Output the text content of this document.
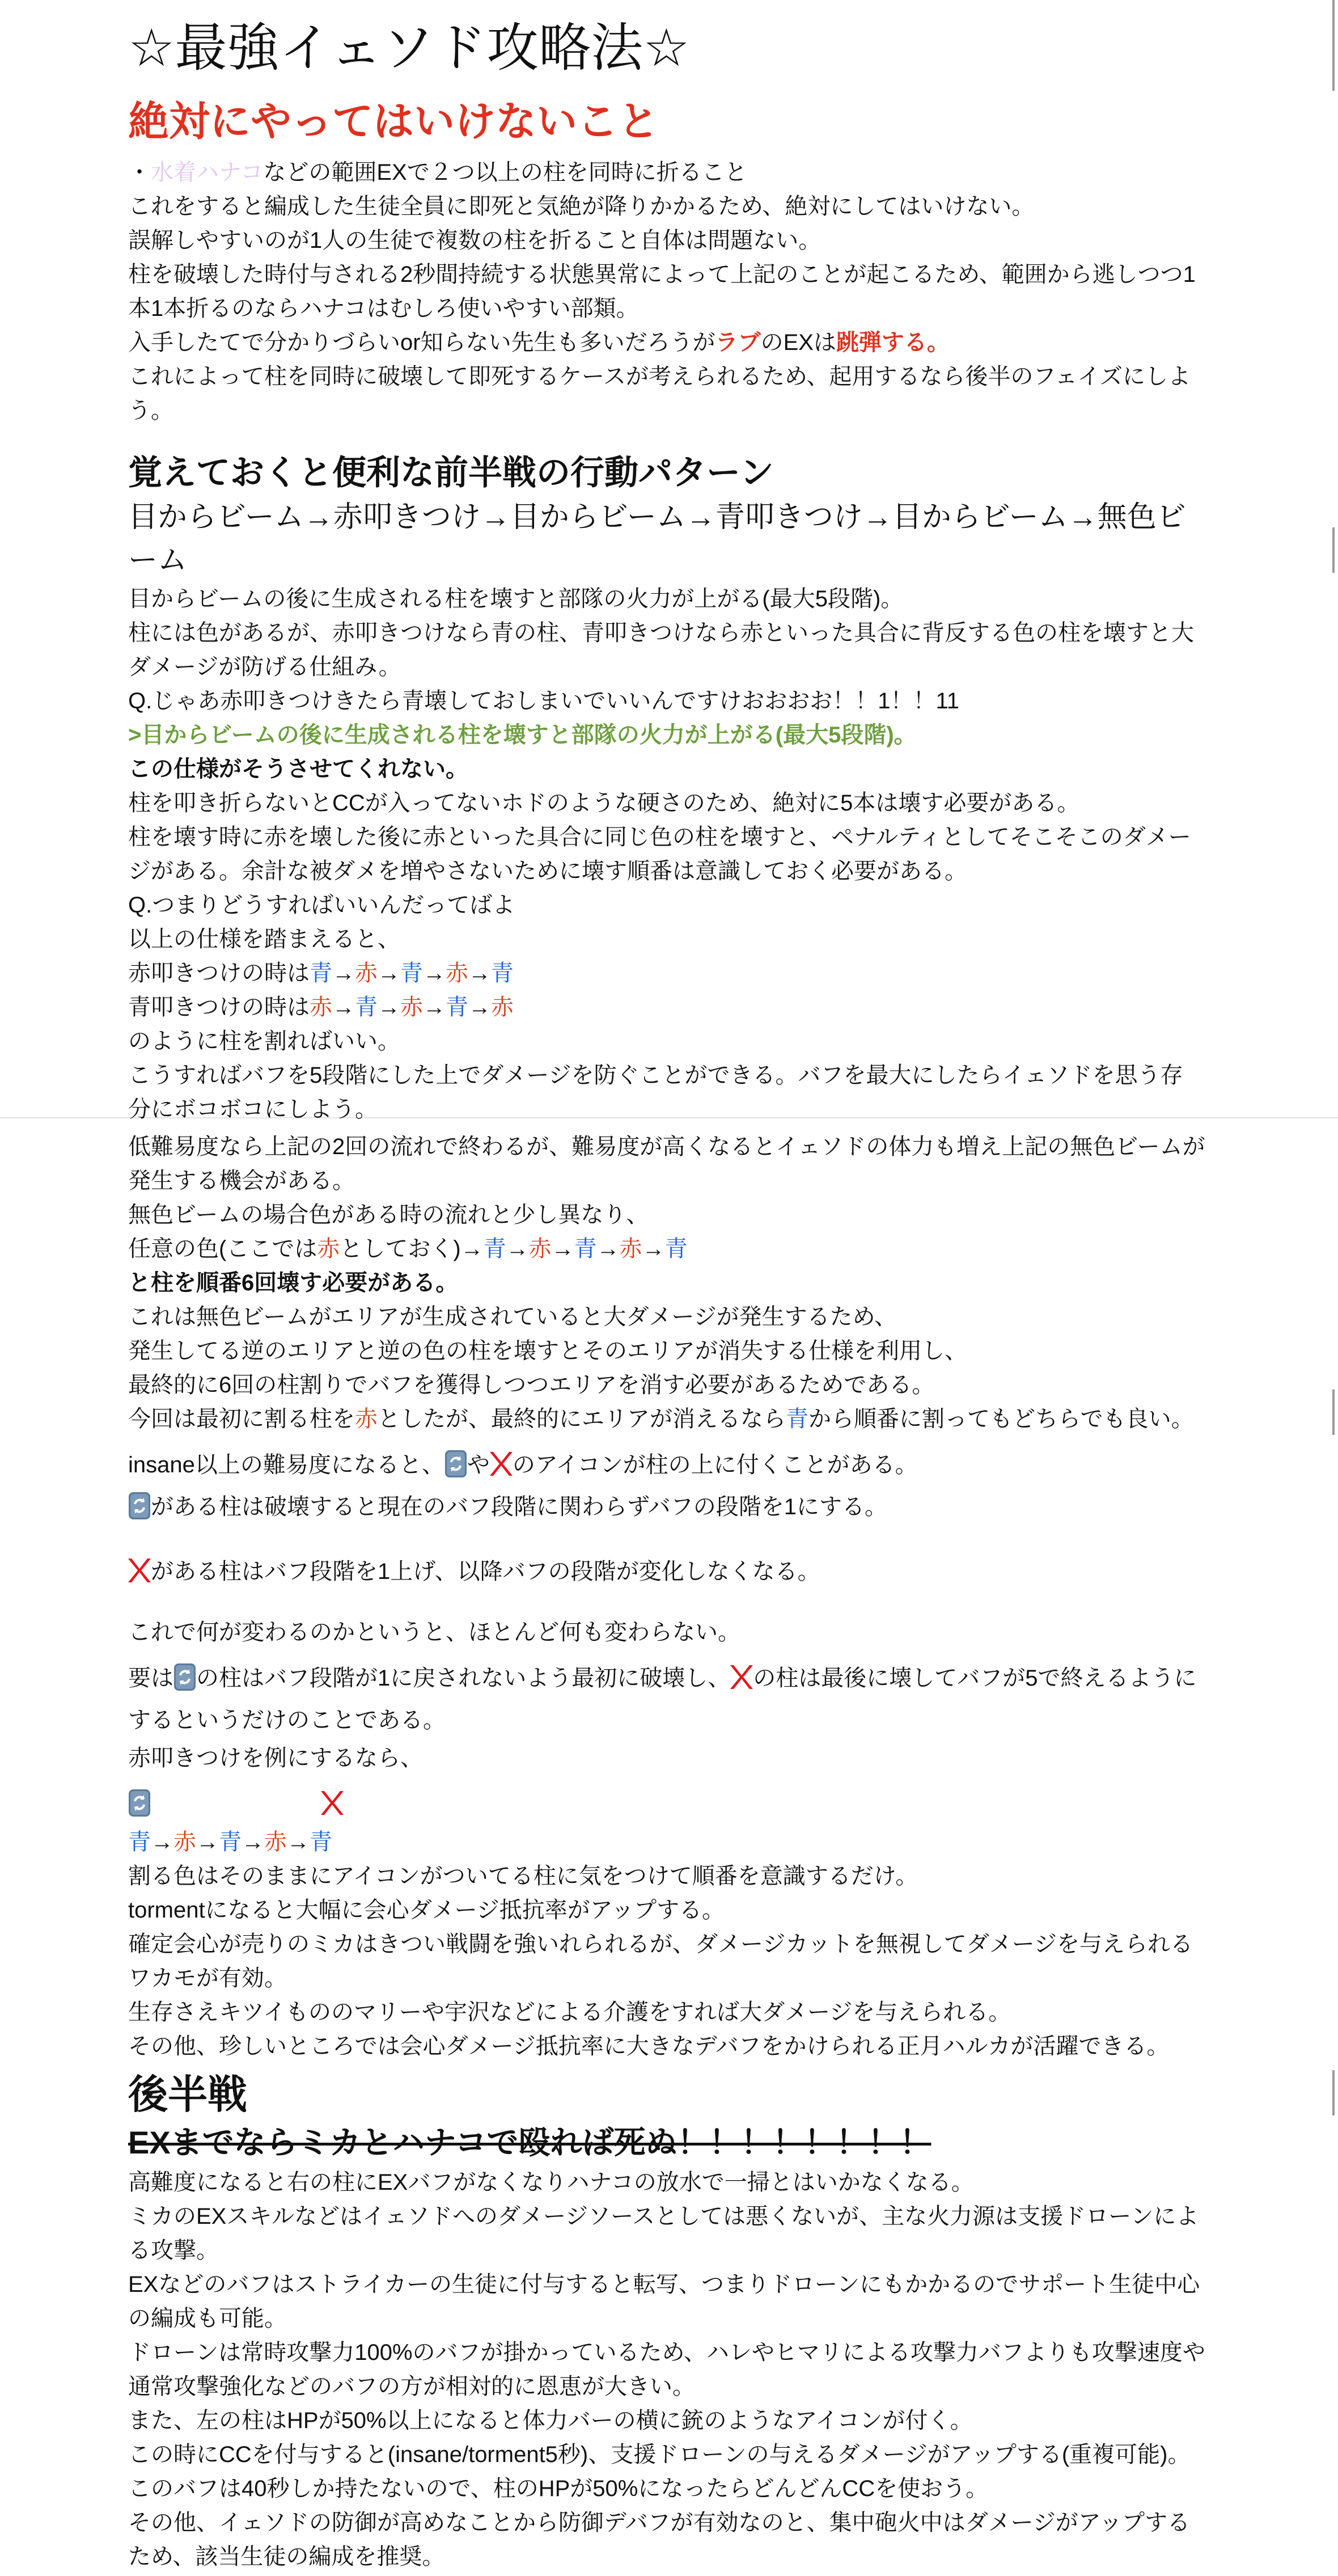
☆最強イェソド攻略法☆
絶対にやってはいけないこと
・水着ハナコなどの範囲EXで２つ以上の柱を同時に折ること
これをすると編成した生徒全員に即死と気絶が降りかかるため、絶対にしてはいけない。
誤解しやすいのが1人の生徒で複数の柱を折ること自体は問題ない。
柱を破壊した時付与される2秒間持続する状態異常によって上記のことが起こるため、範囲から逃しつつ1本1本折るのならハナコはむしろ使いやすい部類。
入手したてで分かりづらいor知らない先生も多いだろうがラブのEXは跳弾する。
これによって柱を同時に破壊して即死するケースが考えられるため、起用するなら後半のフェイズにしよう。
覚えておくと便利な前半戦の行動パターン
目からビーム→赤叩きつけ→目からビーム→青叩きつけ→目からビーム→無色ビーム
目からビームの後に生成される柱を壊すと部隊の火力が上がる(最大5段階)。
柱には色があるが、赤叩きつけなら青の柱、青叩きつけなら赤といった具合に背反する色の柱を壊すと大ダメージが防げる仕組み。
Q.じゃあ赤叩きつけきたら青壊しておしまいでいいんですけおおおお！！1！！11
>目からビームの後に生成される柱を壊すと部隊の火力が上がる(最大5段階)。
この仕様がそうさせてくれない。
柱を叩き折らないとCCが入ってないホドのような硬さのため、絶対に5本は壊す必要がある。
柱を壊す時に赤を壊した後に赤といった具合に同じ色の柱を壊すと、ペナルティとしてそこそこのダメージがある。余計な被ダメを増やさないために壊す順番は意識しておく必要がある。
Q.つまりどうすればいいんだってばよ
以上の仕様を踏まえると、
赤叩きつけの時は青→赤→青→赤→青
青叩きつけの時は赤→青→赤→青→赤
のように柱を割ればいい。
こうすればバフを5段階にした上でダメージを防ぐことができる。バフを最大にしたらイェソドを思う存分にボコボコにしよう。
低難易度なら上記の2回の流れで終わるが、難易度が高くなるとイェソドの体力も増え上記の無色ビームが発生する機会がある。
無色ビームの場合色がある時の流れと少し異なり、
任意の色(ここでは赤としておく)→青→赤→青→赤→青
と柱を順番6回壊す必要がある。
これは無色ビームがエリアが生成されていると大ダメージが発生するため、
発生してる逆のエリアと逆の色の柱を壊すとそのエリアが消失する仕様を利用し、
最終的に6回の柱割りでバフを獲得しつつエリアを消す必要があるためである。
今回は最初に割る柱を赤としたが、最終的にエリアが消えるなら青から順番に割ってもどちらでも良い。
insane以上の難易度になると、 や のアイコンが柱の上に付くことがある。
がある柱は破壊すると現在のバフ段階に関わらずバフの段階を1にする。
がある柱はバフ段階を1上げ、以降バフの段階が変化しなくなる。
これで何が変わるのかというと、ほとんど何も変わらない。
要は の柱はバフ段階が1に戻されないよう最初に破壊し、 の柱は最後に壊してバフが5で終えるようにするというだけのことである。
赤叩きつけを例にするなら、
青→赤→青→赤→青
割る色はそのままにアイコンがついてる柱に気をつけて順番を意識するだけ。
tormentになると大幅に会心ダメージ抵抗率がアップする。
確定会心が売りのミカはきつい戦闘を強いれられるが、ダメージカットを無視してダメージを与えられるワカモが有効。
生存さえキツイもののマリーや宇沢などによる介護をすれば大ダメージを与えられる。
その他、珍しいところでは会心ダメージ抵抗率に大きなデバフをかけられる正月ハルカが活躍できる。
後半戦
EXまでならミカとハナコで殴れば死ぬ！！！！！！！！
高難度になると右の柱にEXバフがなくなりハナコの放水で一掃とはいかなくなる。
ミカのEXスキルなどはイェソドへのダメージソースとしては悪くないが、主な火力源は支援ドローンによる攻撃。
EXなどのバフはストライカーの生徒に付与すると転写、つまりドローンにもかかるのでサポート生徒中心の編成も可能。
ドローンは常時攻撃力100%のバフが掛かっているため、ハレやヒマリによる攻撃力バフよりも攻撃速度や通常攻撃強化などのバフの方が相対的に恩恵が大きい。
また、左の柱はHPが50%以上になると体力バーの横に銃のようなアイコンが付く。
この時にCCを付与すると(insane/torment5秒)、支援ドローンの与えるダメージがアップする(重複可能)。
このバフは40秒しか持たないので、柱のHPが50%になったらどんどんCCを使おう。
その他、イェソドの防御が高めなことから防御デバフが有効なのと、集中砲火中はダメージがアップするため、該当生徒の編成を推奨。
